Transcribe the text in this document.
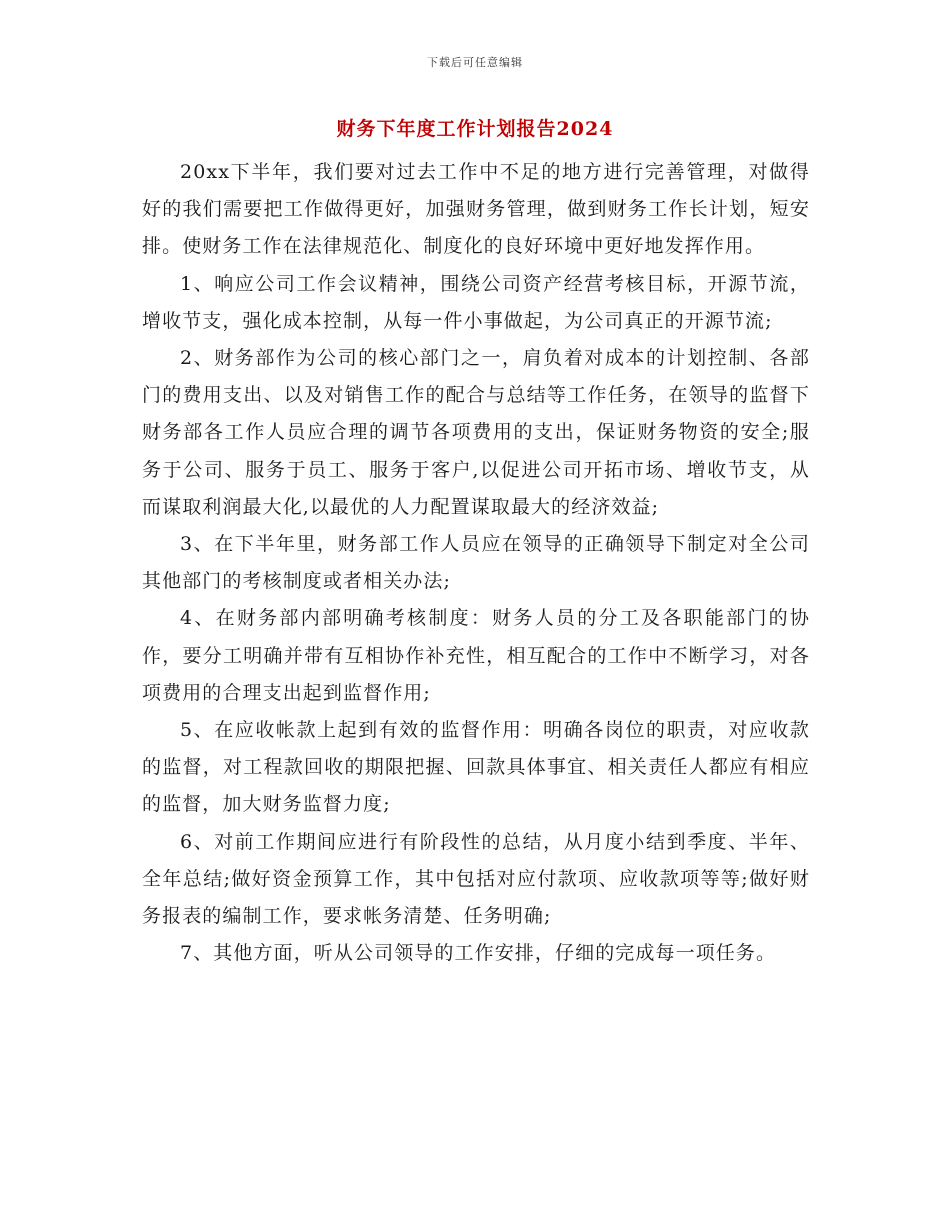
下载后可任意编辑
财务下年度工作计划报告2024

20xx下半年，我们要对过去工作中不足的地方进行完善管理，对做得好的我们需要把工作做得更好，加强财务管理，做到财务工作长计划，短安排。使财务工作在法律规范化、制度化的良好环境中更好地发挥作用。

1、响应公司工作会议精神，围绕公司资产经营考核目标，开源节流，增收节支，强化成本控制，从每一件小事做起，为公司真正的开源节流;

2、财务部作为公司的核心部门之一，肩负着对成本的计划控制、各部门的费用支出、以及对销售工作的配合与总结等工作任务，在领导的监督下财务部各工作人员应合理的调节各项费用的支出，保证财务物资的安全;服务于公司、服务于员工、服务于客户,以促进公司开拓市场、增收节支，从而谋取利润最大化,以最优的人力配置谋取最大的经济效益;

3、在下半年里，财务部工作人员应在领导的正确领导下制定对全公司其他部门的考核制度或者相关办法;

4、在财务部内部明确考核制度：财务人员的分工及各职能部门的协作，要分工明确并带有互相协作补充性，相互配合的工作中不断学习，对各项费用的合理支出起到监督作用;

5、在应收帐款上起到有效的监督作用：明确各岗位的职责，对应收款的监督，对工程款回收的期限把握、回款具体事宜、相关责任人都应有相应的监督，加大财务监督力度;

6、对前工作期间应进行有阶段性的总结，从月度小结到季度、半年、全年总结;做好资金预算工作，其中包括对应付款项、应收款项等等;做好财务报表的编制工作，要求帐务清楚、任务明确;

7、其他方面，听从公司领导的工作安排，仔细的完成每一项任务。
